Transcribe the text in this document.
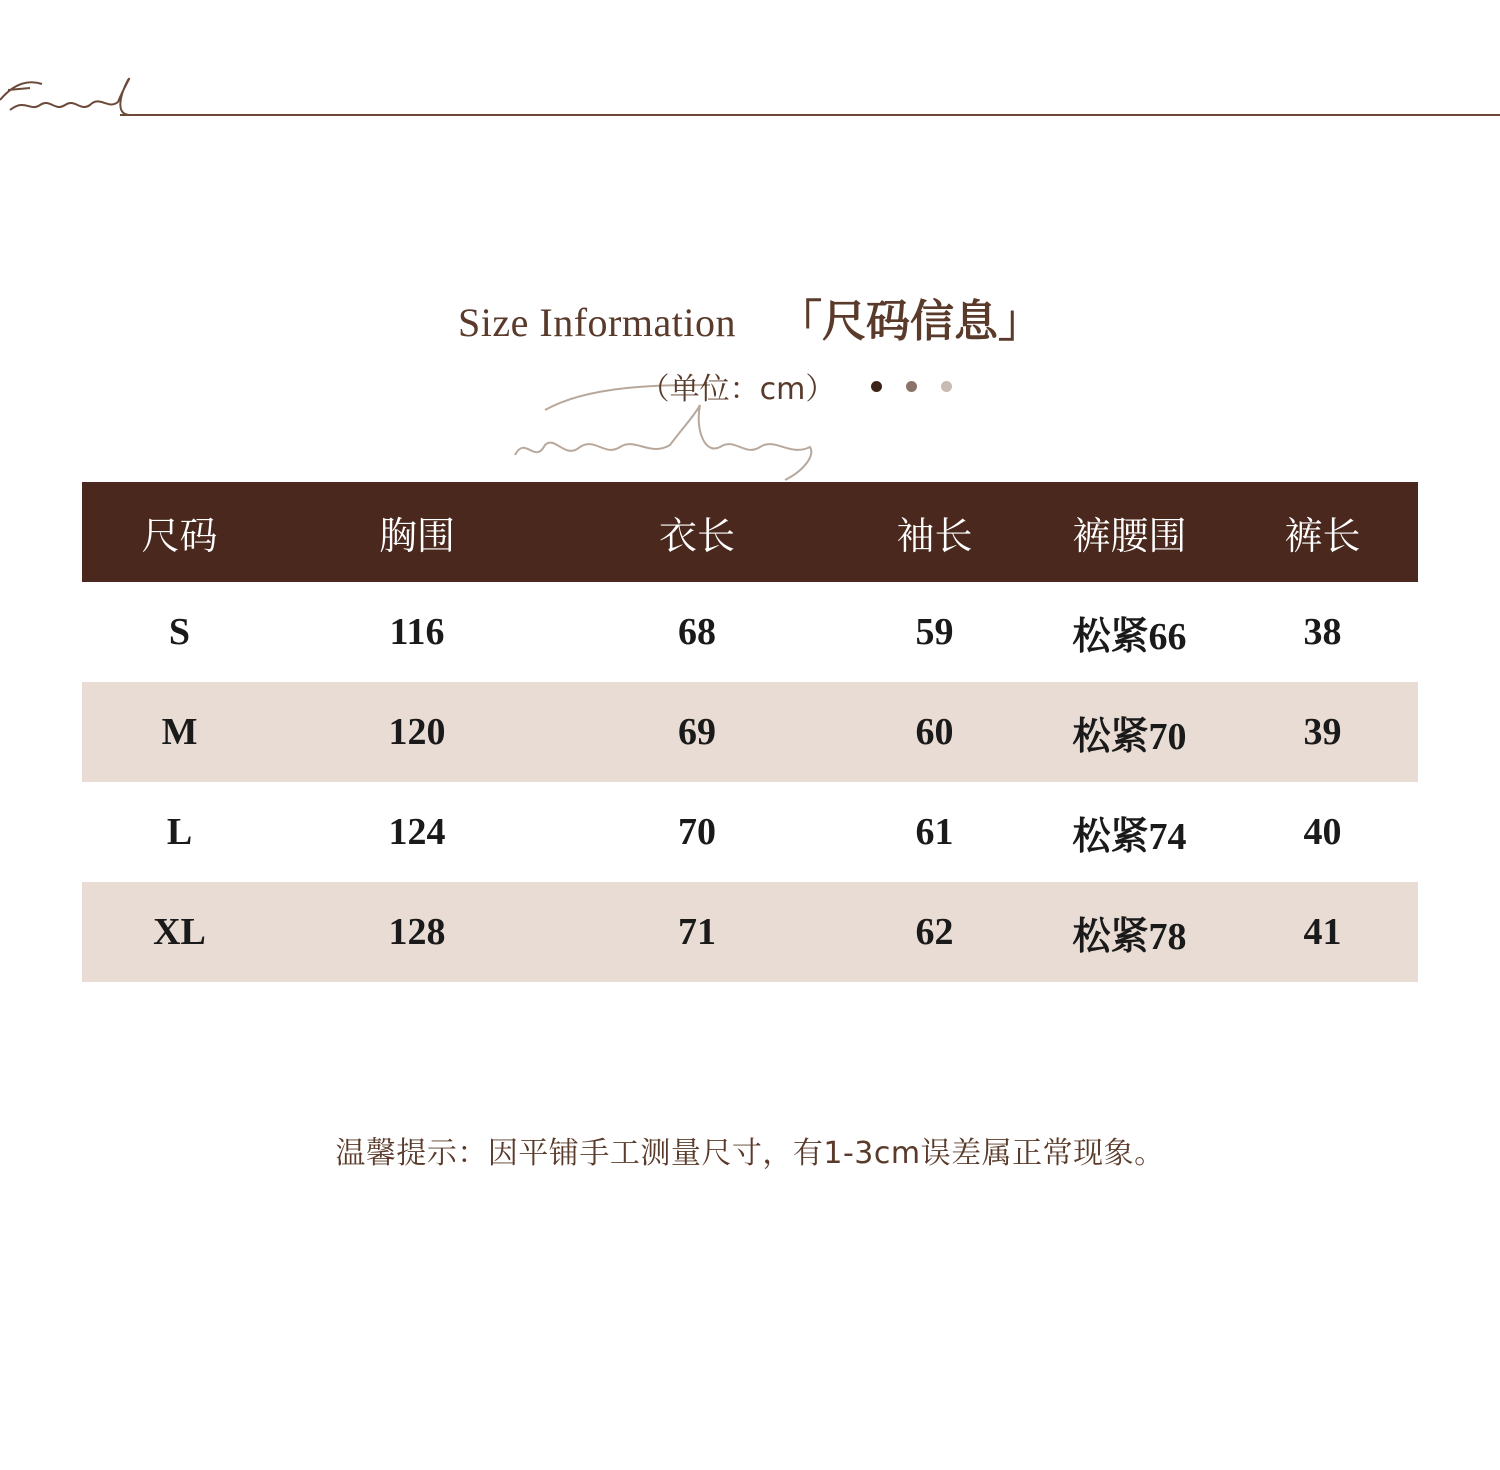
Size Information 「尺码信息」
（单位：cm）
尺码	胸围	衣长	袖长	裤腰围	裤长
S	116	68	59	松紧66	38
M	120	69	60	松紧70	39
L	124	70	61	松紧74	40
XL	128	71	62	松紧78	41
温馨提示：因平铺手工测量尺寸，有1-3cm误差属正常现象。
